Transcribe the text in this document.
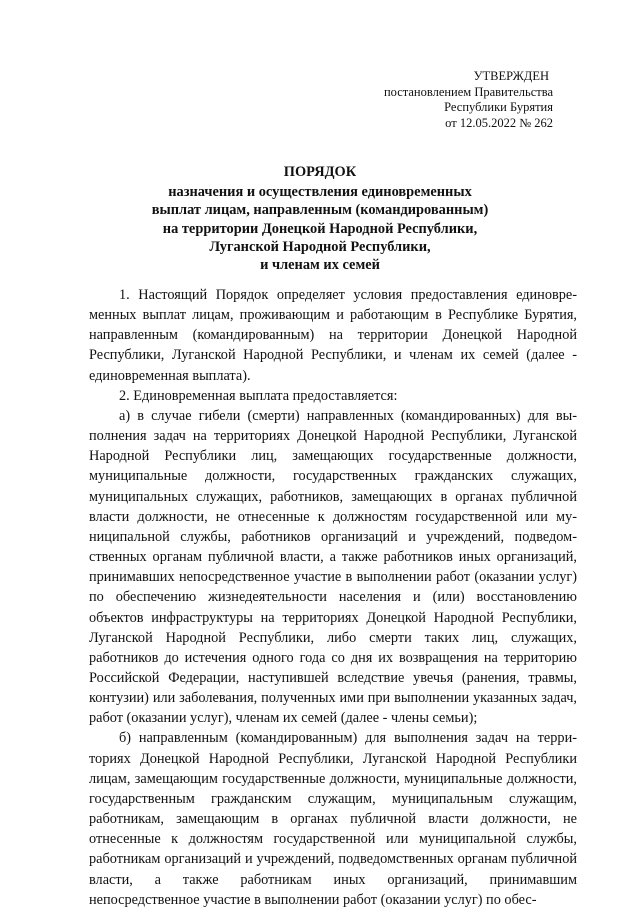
УТВЕРЖДЕН
постановлением Правительства
Республики Бурятия
от 12.05.2022 № 262
ПОРЯДОК
назначения и осуществления единовременных
выплат лицам, направленным (командированным)
на территории Донецкой Народной Республики,
Луганской Народной Республики,
и членам их семей

1. Настоящий Порядок определяет условия предоставления единовременных выплат лицам, проживающим и работающим в Республике Бурятия, направленным (командированным) на территории Донецкой Народной Республики, Луганской Народной Республики, и членам их семей (далее - единовременная выплата).

2. Единовременная выплата предоставляется:

а) в случае гибели (смерти) направленных (командированных) для выполнения задач на территориях Донецкой Народной Республики, Луганской Народной Республики лиц, замещающих государственные должности, муниципальные должности, государственных гражданских служащих, муниципальных служащих, работников, замещающих в органах публичной власти должности, не отнесенные к должностям государственной или муниципальной службы, работников организаций и учреждений, подведомственных органам публичной власти, а также работников иных организаций, принимавших непосредственное участие в выполнении работ (оказании услуг) по обеспечению жизнедеятельности населения и (или) восстановлению объектов инфраструктуры на территориях Донецкой Народной Республики, Луганской Народной Республики, либо смерти таких лиц, служащих, работников до истечения одного года со дня их возвращения на территорию Российской Федерации, наступившей вследствие увечья (ранения, травмы, контузии) или заболевания, полученных ими при выполнении указанных задач, работ (оказании услуг), членам их семей (далее - члены семьи);

б) направленным (командированным) для выполнения задач на территориях Донецкой Народной Республики, Луганской Народной Республики лицам, замещающим государственные должности, муниципальные должности, государственным гражданским служащим, муниципальным служащим, работникам, замещающим в органах публичной власти должности, не отнесенные к должностям государственной или муниципальной службы, работникам организаций и учреждений, подведомственных органам публичной власти, а также работникам иных организаций, принимавшим непосредственное участие в выполнении работ (оказании услуг) по обес-
